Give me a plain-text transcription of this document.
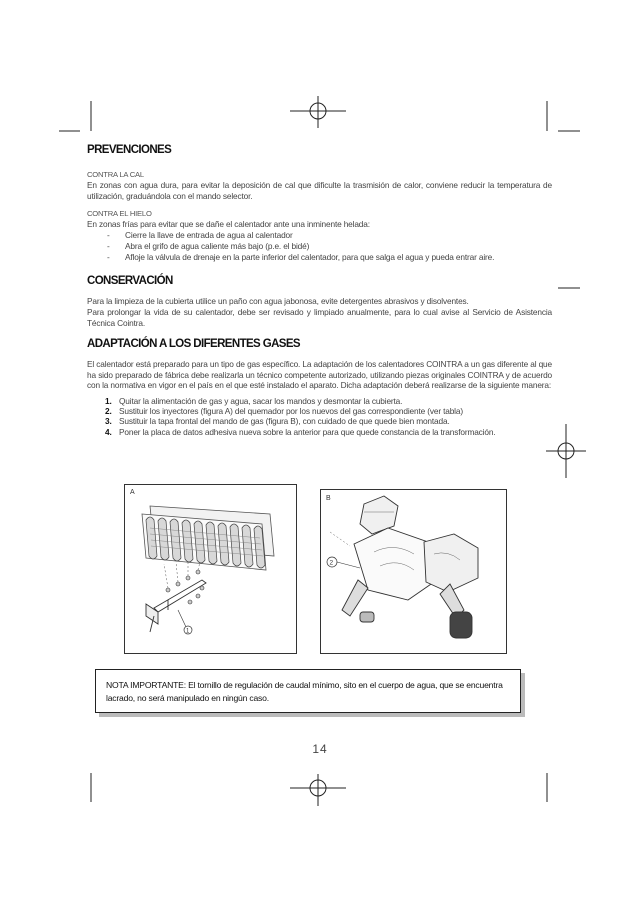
PREVENCIONES

CONTRA LA CAL

En zonas con agua dura, para evitar la deposición de cal que dificulte la trasmisión de calor, conviene reducir la temperatura de utilización, graduándola con el mando selector.

CONTRA EL HIELO

En zonas frías para evitar que se dañe el calentador ante una inminente helada:

-	Cierre la llave de entrada de agua al calentador
-	Abra el grifo de agua caliente más bajo (p.e. el bidé)
-	Afloje la válvula de drenaje en la parte inferior del calentador, para que salga el agua y pueda entrar aire.
CONSERVACIÓN

Para la limpieza de la cubierta utilice un paño con agua jabonosa, evite detergentes abrasivos y disolventes.

Para prolongar la vida de su calentador, debe ser revisado y limpiado anualmente, para lo cual avise al Servicio de Asistencia Técnica Cointra.

ADAPTACIÓN A LOS DIFERENTES GASES

El calentador está preparado para un tipo de gas específico. La adaptación de los calentadores COINTRA a un gas diferente al que ha sido preparado de fábrica debe realizarla un técnico competente autorizado, utilizando piezas originales COINTRA y de acuerdo con la normativa en vigor en el país en el que esté instalado el aparato. Dicha adaptación deberá realizarse de la siguiente manera:

1. Quitar la alimentación de gas y agua, sacar los mandos y desmontar la cubierta.
2. Sustituir los inyectores (figura A) del quemador por los nuevos del gas correspondiente (ver tabla)
3. Sustituir la tapa frontal del mando de gas (figura B), con cuidado de que quede bien montada.
4. Poner la placa de datos adhesiva nueva sobre la anterior para que quede constancia de la transformación.
A
1
B
2
NOTA IMPORTANTE: El tornillo de regulación de caudal mínimo, sito en el cuerpo de agua, que se encuentra lacrado, no será manipulado en ningún caso.
14
